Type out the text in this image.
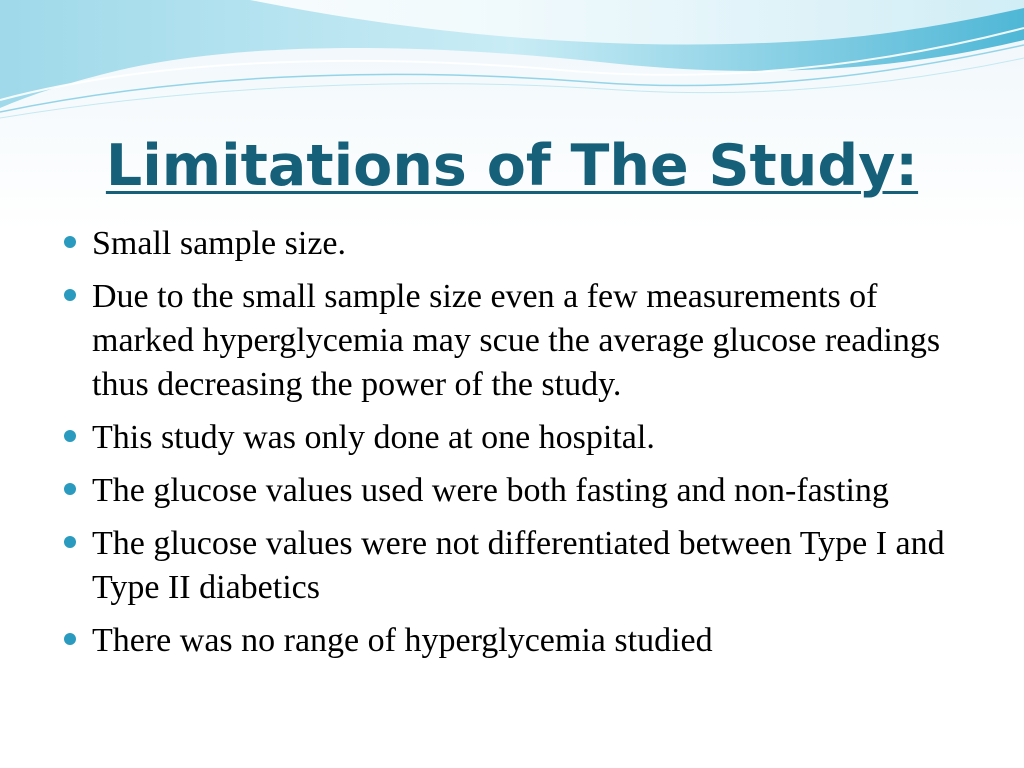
Limitations of The Study:
Small sample size.
Due to the small sample size even a few measurements of marked hyperglycemia may scue the average glucose readings thus decreasing the power of the study.
This study was only done at one hospital.
The glucose values used were both fasting and non-fasting
The glucose values were not differentiated between Type I and Type II diabetics
There was no range of hyperglycemia studied
